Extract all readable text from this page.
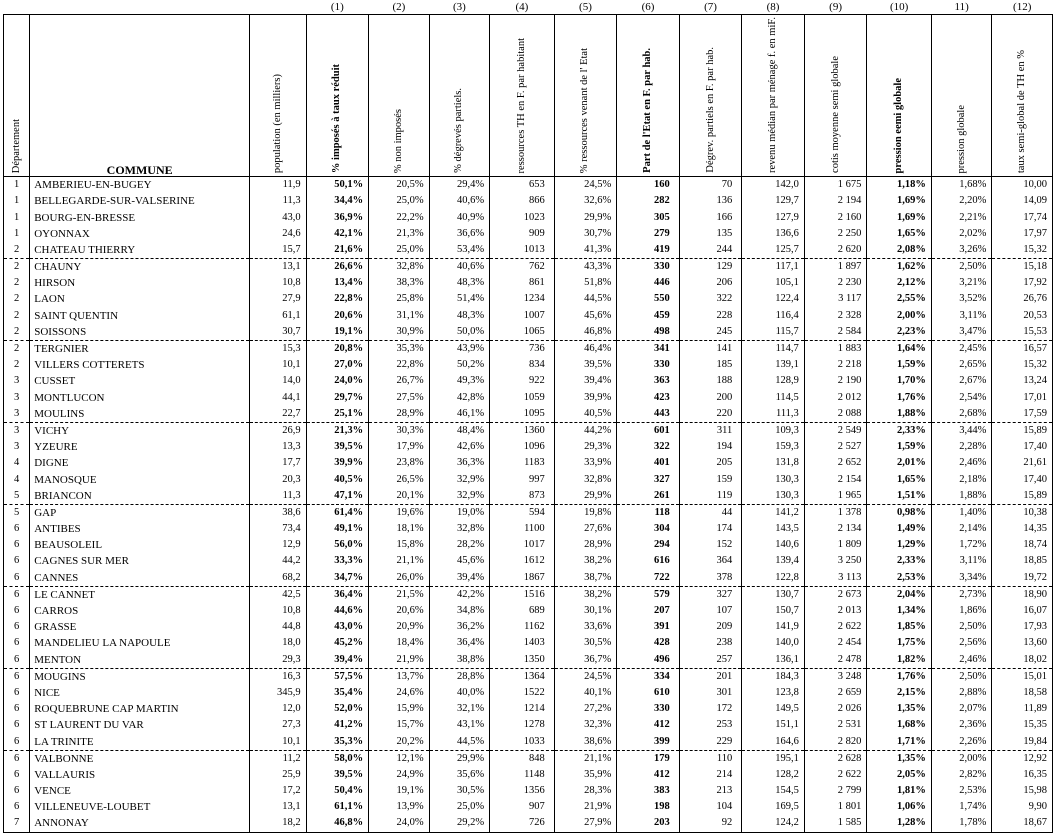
			(1)	(2)	(3)	(4)	(5)	(6)	(7)	(8)	(9)	(10)	11)	(12)

Département	COMMUNE	population (en milliers)	% imposés à taux réduit	% non imposés	% dégrevés partiels.	ressources TH en F. par habitant	% ressources venant de l' Etat	Part de l'Etat en F. par hab.	Dégrev. partiels en F. par hab.	revenu médian par ménage f. en miF.	cotis moyenne semi globale	pression eemi globale	pression globale	taux semi-global de TH en %

1	AMBERIEU-EN-BUGEY	11,9	50,1%	20,5%	29,4%	653	24,5%	160	70	142,0	1 675	1,18%	1,68%	10,00
1	BELLEGARDE-SUR-VALSERINE	11,3	34,4%	25,0%	40,6%	866	32,6%	282	136	129,7	2 194	1,69%	2,20%	14,09
1	BOURG-EN-BRESSE	43,0	36,9%	22,2%	40,9%	1023	29,9%	305	166	127,9	2 160	1,69%	2,21%	17,74
1	OYONNAX	24,6	42,1%	21,3%	36,6%	909	30,7%	279	135	136,6	2 250	1,65%	2,02%	17,97
2	CHATEAU THIERRY	15,7	21,6%	25,0%	53,4%	1013	41,3%	419	244	125,7	2 620	2,08%	3,26%	15,32
2	CHAUNY	13,1	26,6%	32,8%	40,6%	762	43,3%	330	129	117,1	1 897	1,62%	2,50%	15,18
2	HIRSON	10,8	13,4%	38,3%	48,3%	861	51,8%	446	206	105,1	2 230	2,12%	3,21%	17,92
2	LAON	27,9	22,8%	25,8%	51,4%	1234	44,5%	550	322	122,4	3 117	2,55%	3,52%	26,76
2	SAINT QUENTIN	61,1	20,6%	31,1%	48,3%	1007	45,6%	459	228	116,4	2 328	2,00%	3,11%	20,53
2	SOISSONS	30,7	19,1%	30,9%	50,0%	1065	46,8%	498	245	115,7	2 584	2,23%	3,47%	15,53
2	TERGNIER	15,3	20,8%	35,3%	43,9%	736	46,4%	341	141	114,7	1 883	1,64%	2,45%	16,57
2	VILLERS COTTERETS	10,1	27,0%	22,8%	50,2%	834	39,5%	330	185	139,1	2 218	1,59%	2,65%	15,32
3	CUSSET	14,0	24,0%	26,7%	49,3%	922	39,4%	363	188	128,9	2 190	1,70%	2,67%	13,24
3	MONTLUCON	44,1	29,7%	27,5%	42,8%	1059	39,9%	423	200	114,5	2 012	1,76%	2,54%	17,01
3	MOULINS	22,7	25,1%	28,9%	46,1%	1095	40,5%	443	220	111,3	2 088	1,88%	2,68%	17,59
3	VICHY	26,9	21,3%	30,3%	48,4%	1360	44,2%	601	311	109,3	2 549	2,33%	3,44%	15,89
3	YZEURE	13,3	39,5%	17,9%	42,6%	1096	29,3%	322	194	159,3	2 527	1,59%	2,28%	17,40
4	DIGNE	17,7	39,9%	23,8%	36,3%	1183	33,9%	401	205	131,8	2 652	2,01%	2,46%	21,61
4	MANOSQUE	20,3	40,5%	26,5%	32,9%	997	32,8%	327	159	130,3	2 154	1,65%	2,18%	17,40
5	BRIANCON	11,3	47,1%	20,1%	32,9%	873	29,9%	261	119	130,3	1 965	1,51%	1,88%	15,89
5	GAP	38,6	61,4%	19,6%	19,0%	594	19,8%	118	44	141,2	1 378	0,98%	1,40%	10,38
6	ANTIBES	73,4	49,1%	18,1%	32,8%	1100	27,6%	304	174	143,5	2 134	1,49%	2,14%	14,35
6	BEAUSOLEIL	12,9	56,0%	15,8%	28,2%	1017	28,9%	294	152	140,6	1 809	1,29%	1,72%	18,74
6	CAGNES SUR MER	44,2	33,3%	21,1%	45,6%	1612	38,2%	616	364	139,4	3 250	2,33%	3,11%	18,85
6	CANNES	68,2	34,7%	26,0%	39,4%	1867	38,7%	722	378	122,8	3 113	2,53%	3,34%	19,72
6	LE CANNET	42,5	36,4%	21,5%	42,2%	1516	38,2%	579	327	130,7	2 673	2,04%	2,73%	18,90
6	CARROS	10,8	44,6%	20,6%	34,8%	689	30,1%	207	107	150,7	2 013	1,34%	1,86%	16,07
6	GRASSE	44,8	43,0%	20,9%	36,2%	1162	33,6%	391	209	141,9	2 622	1,85%	2,50%	17,93
6	MANDELIEU LA NAPOULE	18,0	45,2%	18,4%	36,4%	1403	30,5%	428	238	140,0	2 454	1,75%	2,56%	13,60
6	MENTON	29,3	39,4%	21,9%	38,8%	1350	36,7%	496	257	136,1	2 478	1,82%	2,46%	18,02
6	MOUGINS	16,3	57,5%	13,7%	28,8%	1364	24,5%	334	201	184,3	3 248	1,76%	2,50%	15,01
6	NICE	345,9	35,4%	24,6%	40,0%	1522	40,1%	610	301	123,8	2 659	2,15%	2,88%	18,58
6	ROQUEBRUNE CAP MARTIN	12,0	52,0%	15,9%	32,1%	1214	27,2%	330	172	149,5	2 026	1,35%	2,07%	11,89
6	ST LAURENT DU VAR	27,3	41,2%	15,7%	43,1%	1278	32,3%	412	253	151,1	2 531	1,68%	2,36%	15,35
6	LA TRINITE	10,1	35,3%	20,2%	44,5%	1033	38,6%	399	229	164,6	2 820	1,71%	2,26%	19,84
6	VALBONNE	11,2	58,0%	12,1%	29,9%	848	21,1%	179	110	195,1	2 628	1,35%	2,00%	12,92
6	VALLAURIS	25,9	39,5%	24,9%	35,6%	1148	35,9%	412	214	128,2	2 622	2,05%	2,82%	16,35
6	VENCE	17,2	50,4%	19,1%	30,5%	1356	28,3%	383	213	154,5	2 799	1,81%	2,53%	15,98
6	VILLENEUVE-LOUBET	13,1	61,1%	13,9%	25,0%	907	21,9%	198	104	169,5	1 801	1,06%	1,74%	9,90
7	ANNONAY	18,2	46,8%	24,0%	29,2%	726	27,9%	203	92	124,2	1 585	1,28%	1,78%	18,67
